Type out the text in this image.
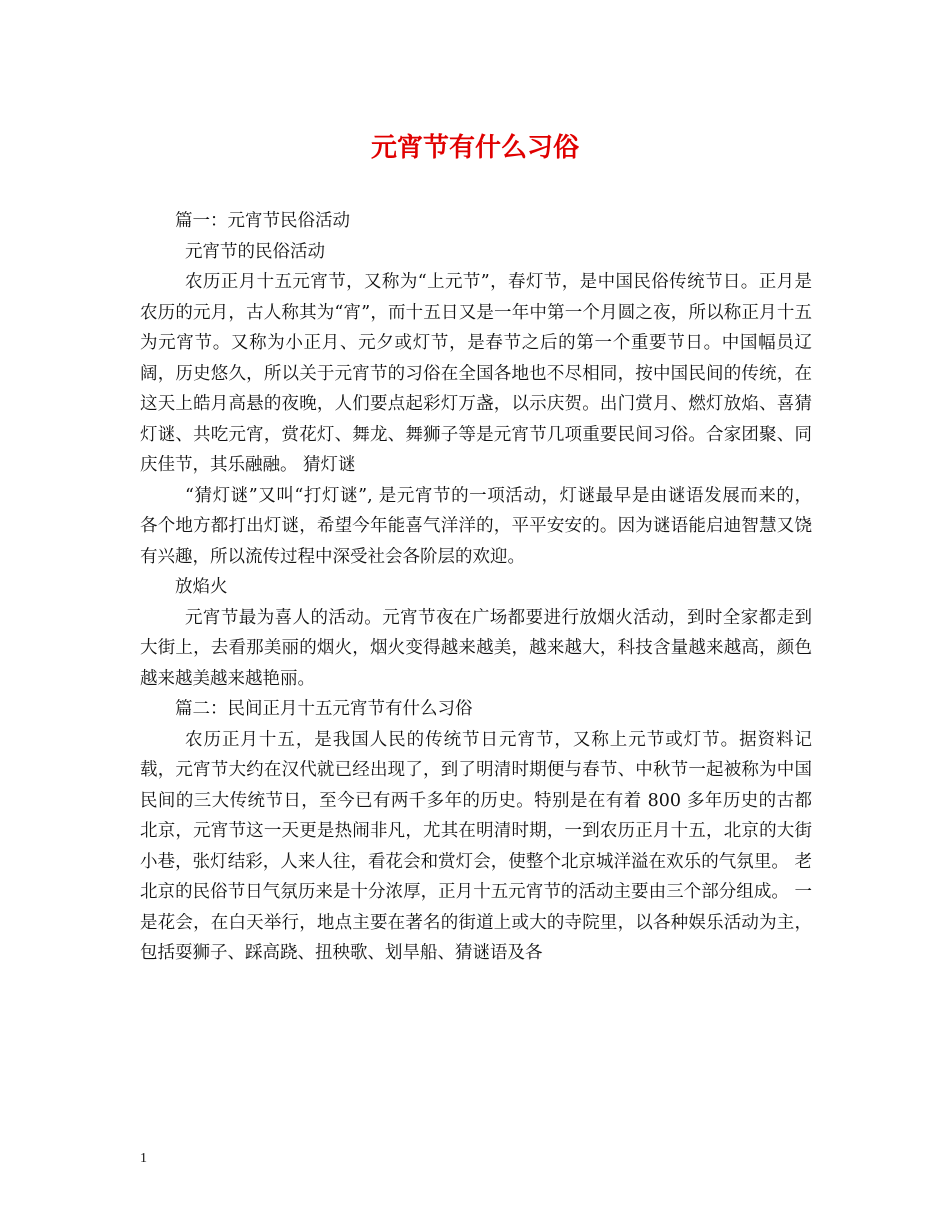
元宵节有什么习俗

篇一：元宵节民俗活动

元宵节的民俗活动

农历正月十五元宵节，又称为“上元节”，春灯节，是中国民俗传统节日。正月是农历的元月，古人称其为“宵”，而十五日又是一年中第一个月圆之夜，所以称正月十五为元宵节。又称为小正月、元夕或灯节，是春节之后的第一个重要节日。中国幅员辽阔，历史悠久，所以关于元宵节的习俗在全国各地也不尽相同，按中国民间的传统，在这天上皓月高悬的夜晚，人们要点起彩灯万盏，以示庆贺。出门赏月、燃灯放焰、喜猜灯谜、共吃元宵，赏花灯、舞龙、舞狮子等是元宵节几项重要民间习俗。合家团聚、同庆佳节，其乐融融。 猜灯谜

“猜灯谜”又叫“打灯谜”, 是元宵节的一项活动，灯谜最早是由谜语发展而来的， 各个地方都打出灯谜，希望今年能喜气洋洋的，平平安安的。因为谜语能启迪智慧又饶有兴趣，所以流传过程中深受社会各阶层的欢迎。

放焰火

元宵节最为喜人的活动。元宵节夜在广场都要进行放烟火活动，到时全家都走到大街上，去看那美丽的烟火，烟火变得越来越美，越来越大，科技含量越来越高，颜色越来越美越来越艳丽。

篇二：民间正月十五元宵节有什么习俗

农历正月十五，是我国人民的传统节日元宵节，又称上元节或灯节。据资料记载，元宵节大约在汉代就已经出现了，到了明清时期便与春节、中秋节一起被称为中国民间的三大传统节日，至今已有两千多年的历史。特别是在有着 800 多年历史的古都北京，元宵节这一天更是热闹非凡，尤其在明清时期，一到农历正月十五，北京的大街小巷，张灯结彩，人来人往，看花会和赏灯会，使整个北京城洋溢在欢乐的气氛里。 老北京的民俗节日气氛历来是十分浓厚，正月十五元宵节的活动主要由三个部分组成。 一是花会，在白天举行，地点主要在著名的街道上或大的寺院里，以各种娱乐活动为主，包括耍狮子、踩高跷、扭秧歌、划旱船、猜谜语及各

1
